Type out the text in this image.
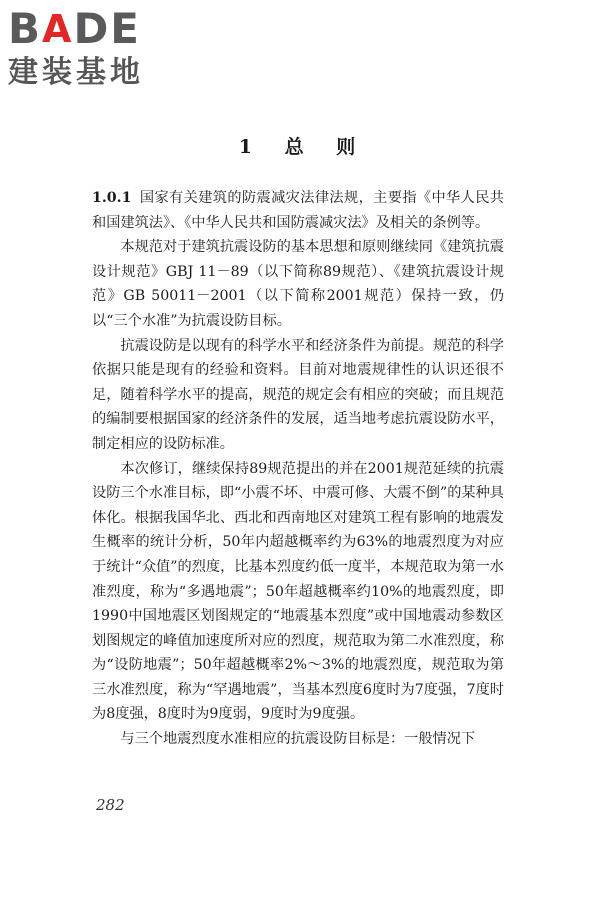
BADE
建装基地
1 总 则

1.0.1 国家有关建筑的防震减灾法律法规，主要指《中华人民共和国建筑法》、《中华人民共和国防震减灾法》及相关的条例等。

本规范对于建筑抗震设防的基本思想和原则继续同《建筑抗震设计规范》GBJ 11－89（以下简称89规范）、《建筑抗震设计规范》GB 50011－2001（以下简称2001规范）保持一致，仍以“三个水准”为抗震设防目标。

抗震设防是以现有的科学水平和经济条件为前提。规范的科学依据只能是现有的经验和资料。目前对地震规律性的认识还很不足，随着科学水平的提高，规范的规定会有相应的突破；而且规范的编制要根据国家的经济条件的发展，适当地考虑抗震设防水平，制定相应的设防标准。

本次修订，继续保持89规范提出的并在2001规范延续的抗震设防三个水准目标，即“小震不坏、中震可修、大震不倒”的某种具体化。根据我国华北、西北和西南地区对建筑工程有影响的地震发生概率的统计分析，50年内超越概率约为63%的地震烈度为对应于统计“众值”的烈度，比基本烈度约低一度半，本规范取为第一水准烈度，称为“多遇地震”；50年超越概率约10%的地震烈度，即1990中国地震区划图规定的“地震基本烈度”或中国地震动参数区划图规定的峰值加速度所对应的烈度，规范取为第二水准烈度，称为“设防地震”；50年超越概率2%～3%的地震烈度，规范取为第三水准烈度，称为“罕遇地震”，当基本烈度6度时为7度强，7度时为8度强，8度时为9度弱，9度时为9度强。

与三个地震烈度水准相应的抗震设防目标是：一般情况下

282
